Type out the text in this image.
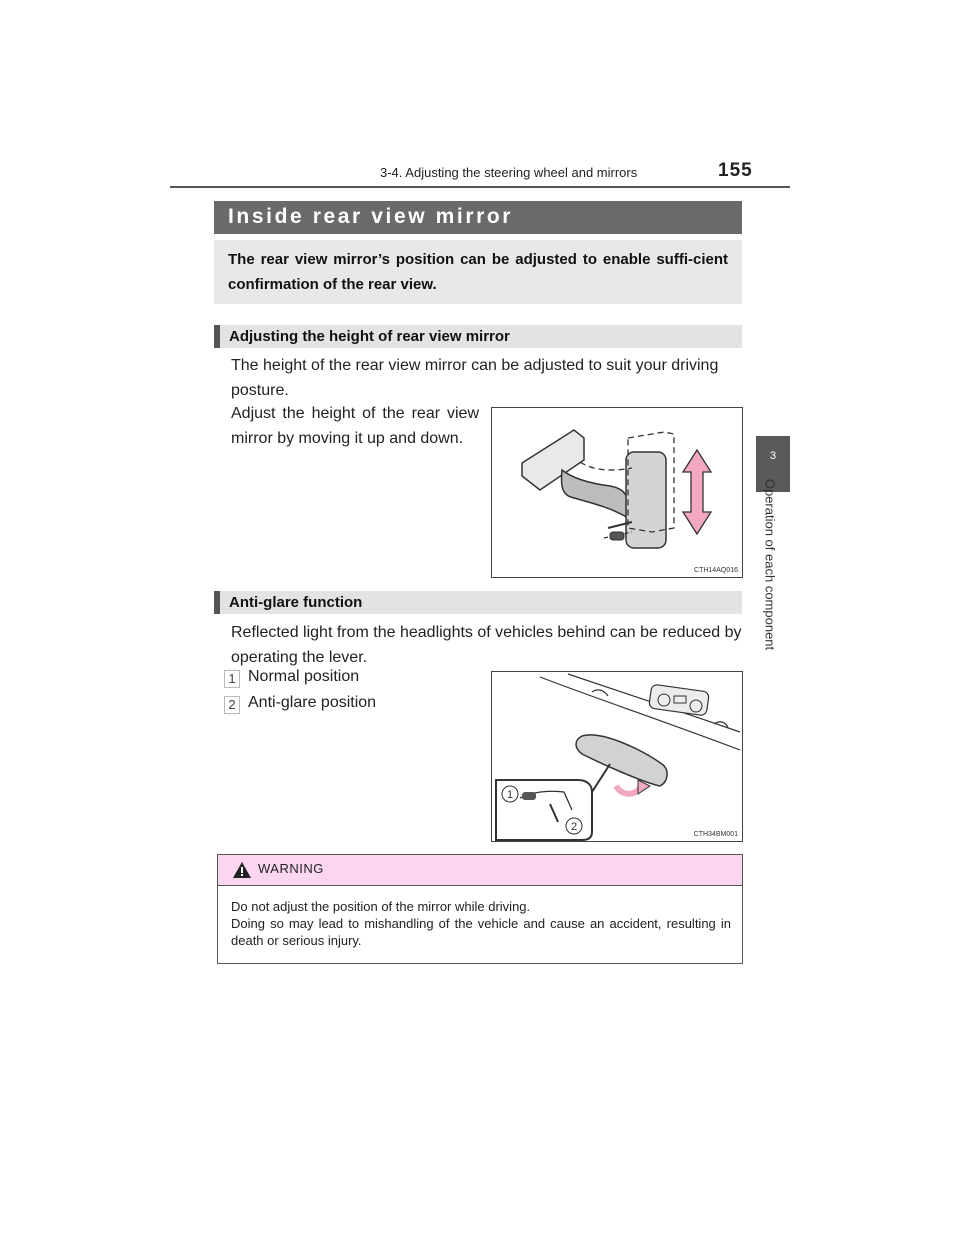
3-4. Adjusting the steering wheel and mirrors	155
3
Operation of each component
Inside rear view mirror
The rear view mirror’s position can be adjusted to enable suffi-cient confirmation of the rear view.
Adjusting the height of rear view mirror
The height of the rear view mirror can be adjusted to suit your driving posture.
Adjust the height of the rear view mirror by moving it up and down.
CTH14AQ016
Anti-glare function
Reflected light from the headlights of vehicles behind can be reduced by operating the lever.
1 Normal position
2 Anti-glare position
1
2
CTH34BM001
WARNING
Do not adjust the position of the mirror while driving.
Doing so may lead to mishandling of the vehicle and cause an accident, resulting in death or serious injury.
